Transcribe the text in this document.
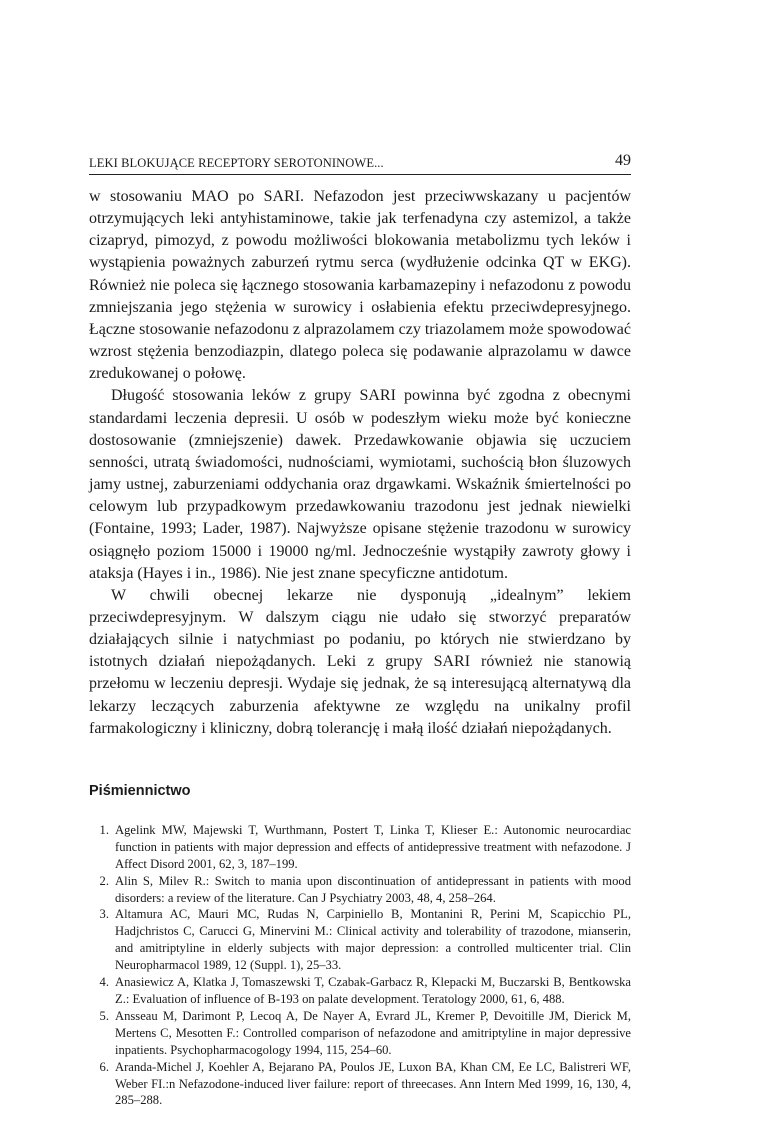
LEKI BLOKUJĄCE RECEPTORY SEROTONINOWE...	49

w stosowaniu MAO po SARI. Nefazodon jest przeciwwskazany u pacjentów otrzymujących leki antyhistaminowe, takie jak terfenadyna czy astemizol, a także cizapryd, pimozyd, z powodu możliwości blokowania metabolizmu tych leków i wystąpienia poważnych zaburzeń rytmu serca (wydłużenie odcinka QT w EKG). Również nie poleca się łącznego stosowania karbamazepiny i nefazodonu z powodu zmniejszania jego stężenia w surowicy i osłabienia efektu przeciwdepresyjnego. Łączne stosowanie nefazodonu z alprazolamem czy triazolamem może spowodować wzrost stężenia benzodiazpin, dlatego poleca się podawanie alprazolamu w dawce zredukowanej o połowę.

Długość stosowania leków z grupy SARI powinna być zgodna z obecnymi standardami leczenia depresii. U osób w podeszłym wieku może być konieczne dostosowanie (zmniejszenie) dawek. Przedawkowanie objawia się uczuciem senności, utratą świadomości, nudnościami, wymiotami, suchością błon śluzowych jamy ustnej, zaburzeniami oddychania oraz drgawkami. Wskaźnik śmiertelności po celowym lub przypadkowym przedawkowaniu trazodonu jest jednak niewielki (Fontaine, 1993; Lader, 1987). Najwyższe opisane stężenie trazodonu w surowicy osiągnęło poziom 15000 i 19000 ng/ml. Jednocześnie wystąpiły zawroty głowy i ataksja (Hayes i in., 1986). Nie jest znane specyficzne antidotum.

W chwili obecnej lekarze nie dysponują „idealnym” lekiem przeciwdepresyjnym. W dalszym ciągu nie udało się stworzyć preparatów działających silnie i natychmiast po podaniu, po których nie stwierdzano by istotnych działań niepożądanych. Leki z grupy SARI również nie stanowią przełomu w leczeniu depresji. Wydaje się jednak, że są interesującą alternatywą dla lekarzy leczących zaburzenia afektywne ze względu na unikalny profil farmakologiczny i kliniczny, dobrą tolerancję i małą ilość działań niepożądanych.

Piśmiennictwo
1. Agelink MW, Majewski T, Wurthmann, Postert T, Linka T, Klieser E.: Autonomic neurocardiac function in patients with major depression and effects of antidepressive treatment with nefazodone. J Affect Disord 2001, 62, 3, 187–199.
2. Alin S, Milev R.: Switch to mania upon discontinuation of antidepressant in patients with mood disorders: a review of the literature. Can J Psychiatry 2003, 48, 4, 258–264.
3. Altamura AC, Mauri MC, Rudas N, Carpiniello B, Montanini R, Perini M, Scapicchio PL, Hadjchristos C, Carucci G, Minervini M.: Clinical activity and tolerability of trazodone, mianserin, and amitriptyline in elderly subjects with major depression: a controlled multicenter trial. Clin Neuropharmacol 1989, 12 (Suppl. 1), 25–33.
4. Anasiewicz A, Klatka J, Tomaszewski T, Czabak-Garbacz R, Klepacki M, Buczarski B, Bentkowska Z.: Evaluation of influence of B-193 on palate development. Teratology 2000, 61, 6, 488.
5. Ansseau M, Darimont P, Lecoq A, De Nayer A, Evrard JL, Kremer P, Devoitille JM, Dierick M, Mertens C, Mesotten F.: Controlled comparison of nefazodone and amitriptyline in major depressive inpatients. Psychopharmacogology 1994, 115, 254–60.
6. Aranda-Michel J, Koehler A, Bejarano PA, Poulos JE, Luxon BA, Khan CM, Ee LC, Balistreri WF, Weber FI.:n Nefazodone-induced liver failure: report of threecases. Ann Intern Med 1999, 16, 130, 4, 285–288.
